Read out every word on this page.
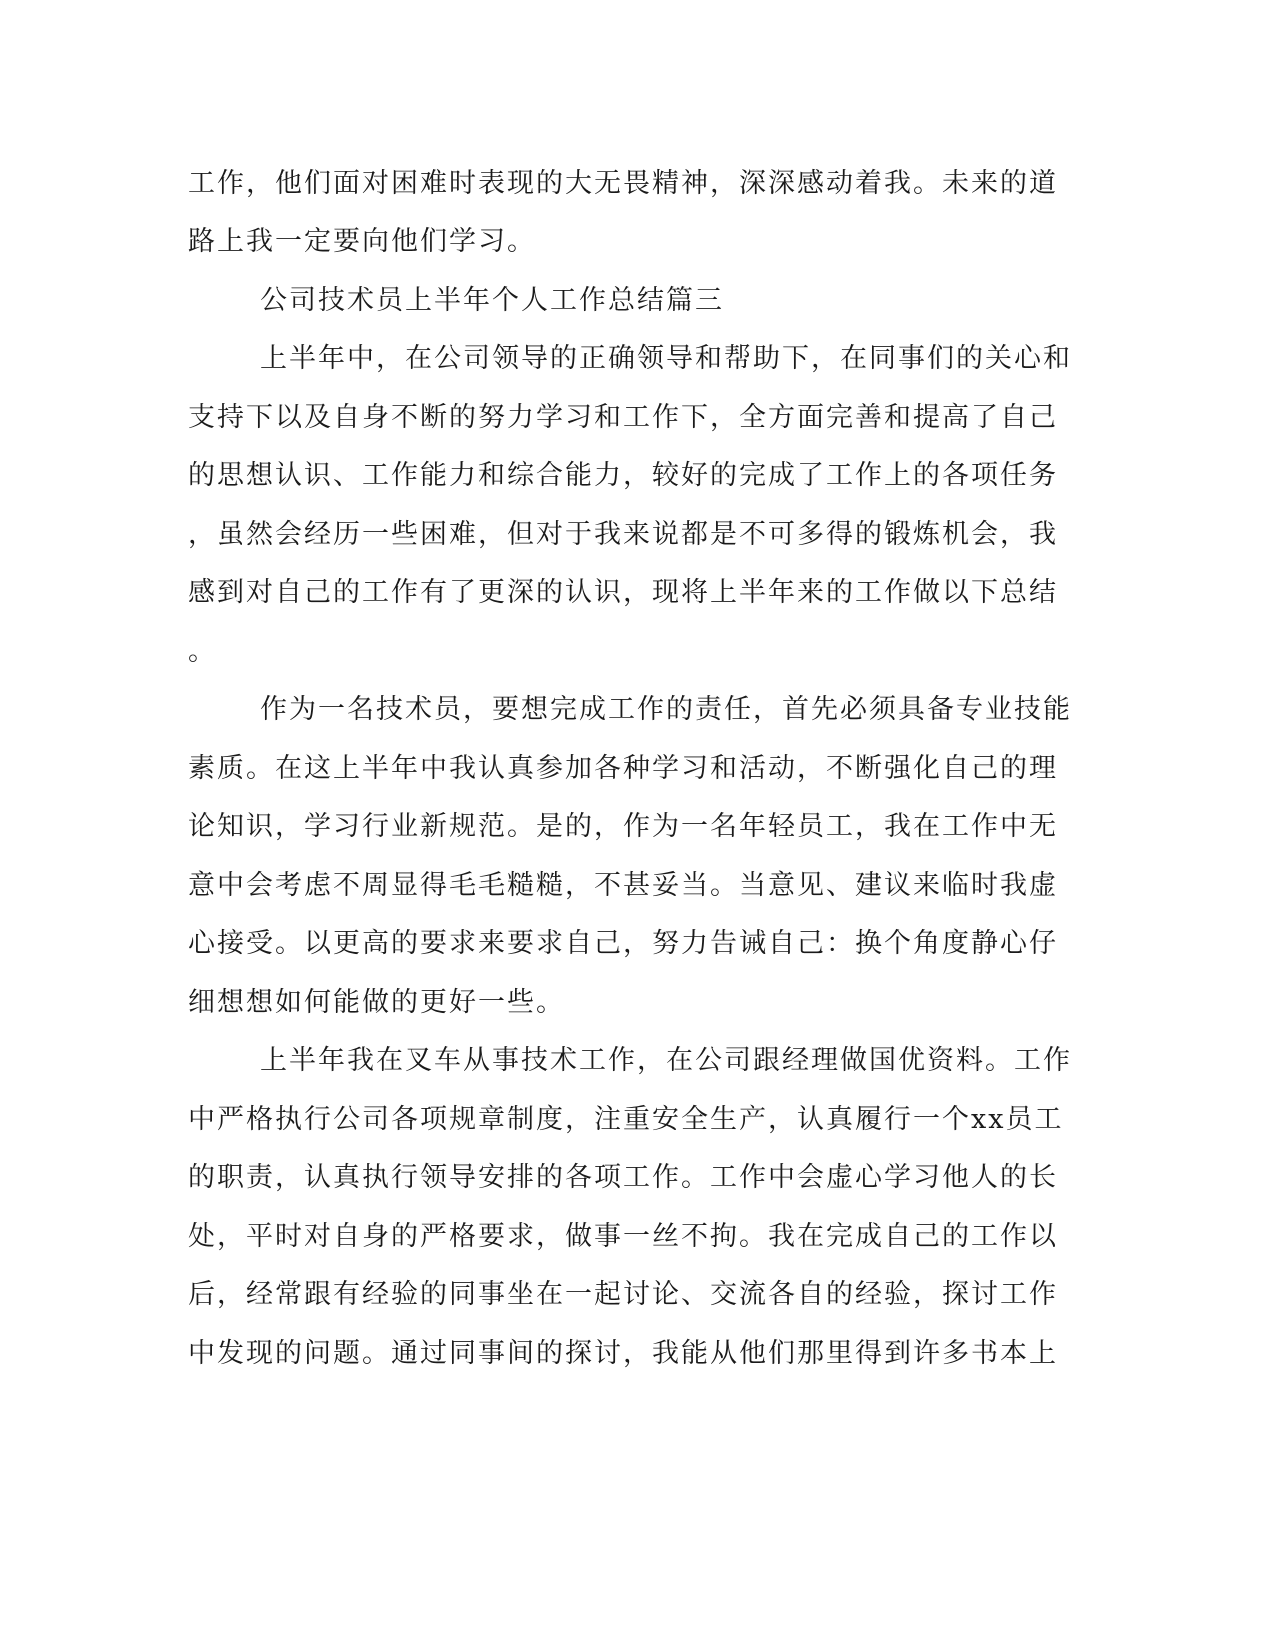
工作，他们面对困难时表现的大无畏精神，深深感动着我。未来的道
路上我一定要向他们学习。
公司技术员上半年个人工作总结篇三
上半年中，在公司领导的正确领导和帮助下，在同事们的关心和
支持下以及自身不断的努力学习和工作下，全方面完善和提高了自己
的思想认识、工作能力和综合能力，较好的完成了工作上的各项任务
，虽然会经历一些困难，但对于我来说都是不可多得的锻炼机会，我
感到对自己的工作有了更深的认识，现将上半年来的工作做以下总结
。
作为一名技术员，要想完成工作的责任，首先必须具备专业技能
素质。在这上半年中我认真参加各种学习和活动，不断强化自己的理
论知识，学习行业新规范。是的，作为一名年轻员工，我在工作中无
意中会考虑不周显得毛毛糙糙，不甚妥当。当意见、建议来临时我虚
心接受。以更高的要求来要求自己，努力告诫自己：换个角度静心仔
细想想如何能做的更好一些。
上半年我在叉车从事技术工作，在公司跟经理做国优资料。工作
中严格执行公司各项规章制度，注重安全生产，认真履行一个xx员工
的职责，认真执行领导安排的各项工作。工作中会虚心学习他人的长
处，平时对自身的严格要求，做事一丝不拘。我在完成自己的工作以
后，经常跟有经验的同事坐在一起讨论、交流各自的经验，探讨工作
中发现的问题。通过同事间的探讨，我能从他们那里得到许多书本上
